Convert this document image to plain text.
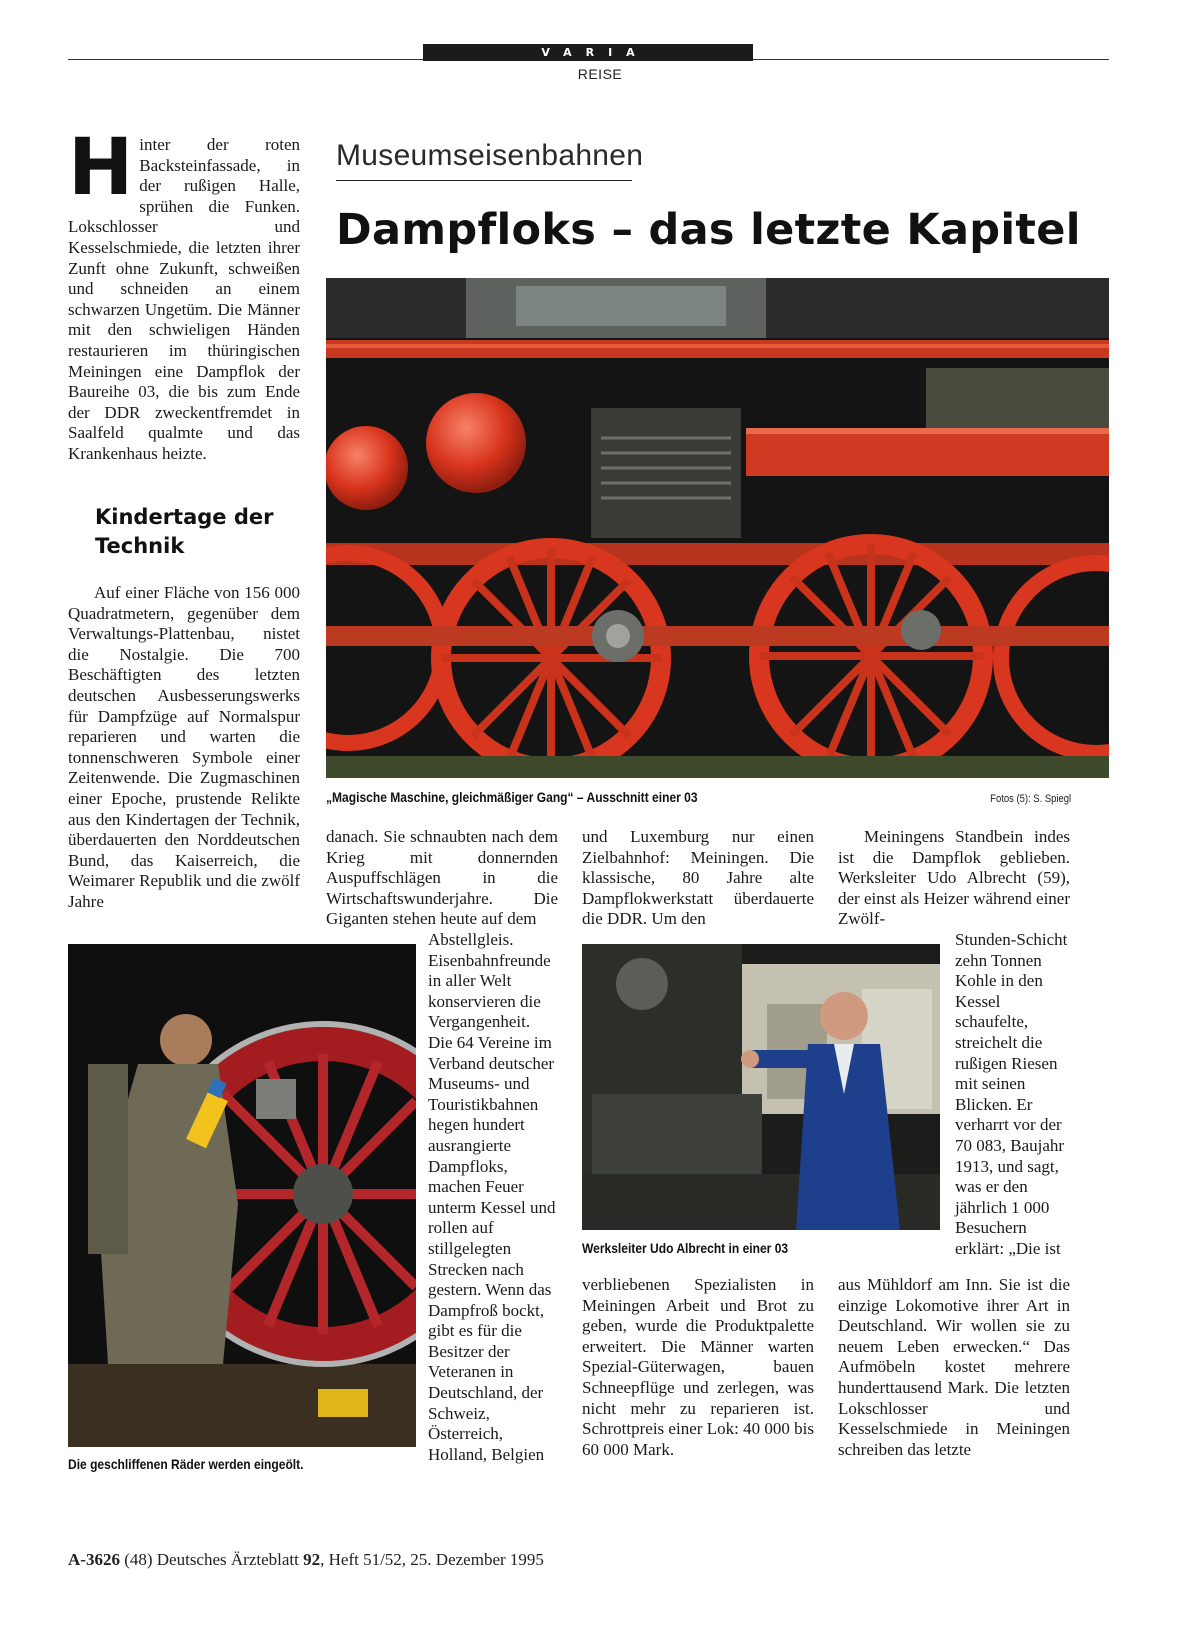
VARIA
REISE
Hinter der roten Backsteinfassade, in der rußigen Halle, sprühen die Funken. Lokschlosser und Kesselschmiede, die letzten ihrer Zunft ohne Zukunft, schweißen und schneiden an einem schwarzen Ungetüm. Die Männer mit den schwieligen Händen restaurieren im thüringischen Meiningen eine Dampflok der Baureihe 03, die bis zum Ende der DDR zweckentfremdet in Saalfeld qualmte und das Krankenhaus heizte.
Kindertage der Technik
Auf einer Fläche von 156 000 Quadratmetern, gegenüber dem Verwaltungs-Plattenbau, nistet die Nostalgie. Die 700 Beschäftigten des letzten deutschen Ausbesserungswerks für Dampfzüge auf Normalspur reparieren und warten die tonnenschweren Symbole einer Zeitenwende. Die Zugmaschinen einer Epoche, prustende Relikte aus den Kindertagen der Technik, überdauerten den Norddeutschen Bund, das Kaiserreich, die Weimarer Republik und die zwölf Jahre
Museumseisenbahnen
Dampfloks – das letzte Kapitel
„Magische Maschine, gleichmäßiger Gang“ – Ausschnitt einer 03	Fotos (5): S. Spiegl
danach. Sie schnaubten nach dem Krieg mit donnernden Auspuffschlägen in die Wirtschaftswunderjahre. Die Giganten stehen heute auf dem
Abstellgleis. Eisenbahnfreunde in aller Welt konservieren die Vergangenheit. Die 64 Vereine im Verband deutscher Museums- und Touristikbahnen hegen hundert ausrangierte Dampfloks, machen Feuer unterm Kessel und rollen auf stillgelegten Strecken nach gestern. Wenn das Dampfroß bockt, gibt es für die Besitzer der Veteranen in Deutschland, der Schweiz, Österreich, Holland, Belgien
Die geschliffenen Räder werden eingeölt.
und Luxemburg nur einen Zielbahnhof: Meiningen. Die klassische, 80 Jahre alte Dampflokwerkstatt überdauerte die DDR. Um den
Werksleiter Udo Albrecht in einer 03
verbliebenen Spezialisten in Meiningen Arbeit und Brot zu geben, wurde die Produktpalette erweitert. Die Männer warten Spezial-Güterwagen, bauen Schneepflüge und zerlegen, was nicht mehr zu reparieren ist. Schrottpreis einer Lok: 40 000 bis 60 000 Mark.
Meiningens Standbein indes ist die Dampflok geblieben. Werksleiter Udo Albrecht (59), der einst als Heizer während einer Zwölf-
Stunden-Schicht zehn Tonnen Kohle in den Kessel schaufelte, streichelt die rußigen Riesen mit seinen Blicken. Er verharrt vor der 70 083, Baujahr 1913, und sagt, was er den jährlich 1 000 Besuchern erklärt: „Die ist
aus Mühldorf am Inn. Sie ist die einzige Lokomotive ihrer Art in Deutschland. Wir wollen sie zu neuem Leben erwecken.“ Das Aufmöbeln kostet mehrere hunderttausend Mark. Die letzten Lokschlosser und Kesselschmiede in Meiningen schreiben das letzte
A-3626 (48) Deutsches Ärzteblatt 92, Heft 51/52, 25. Dezember 1995
